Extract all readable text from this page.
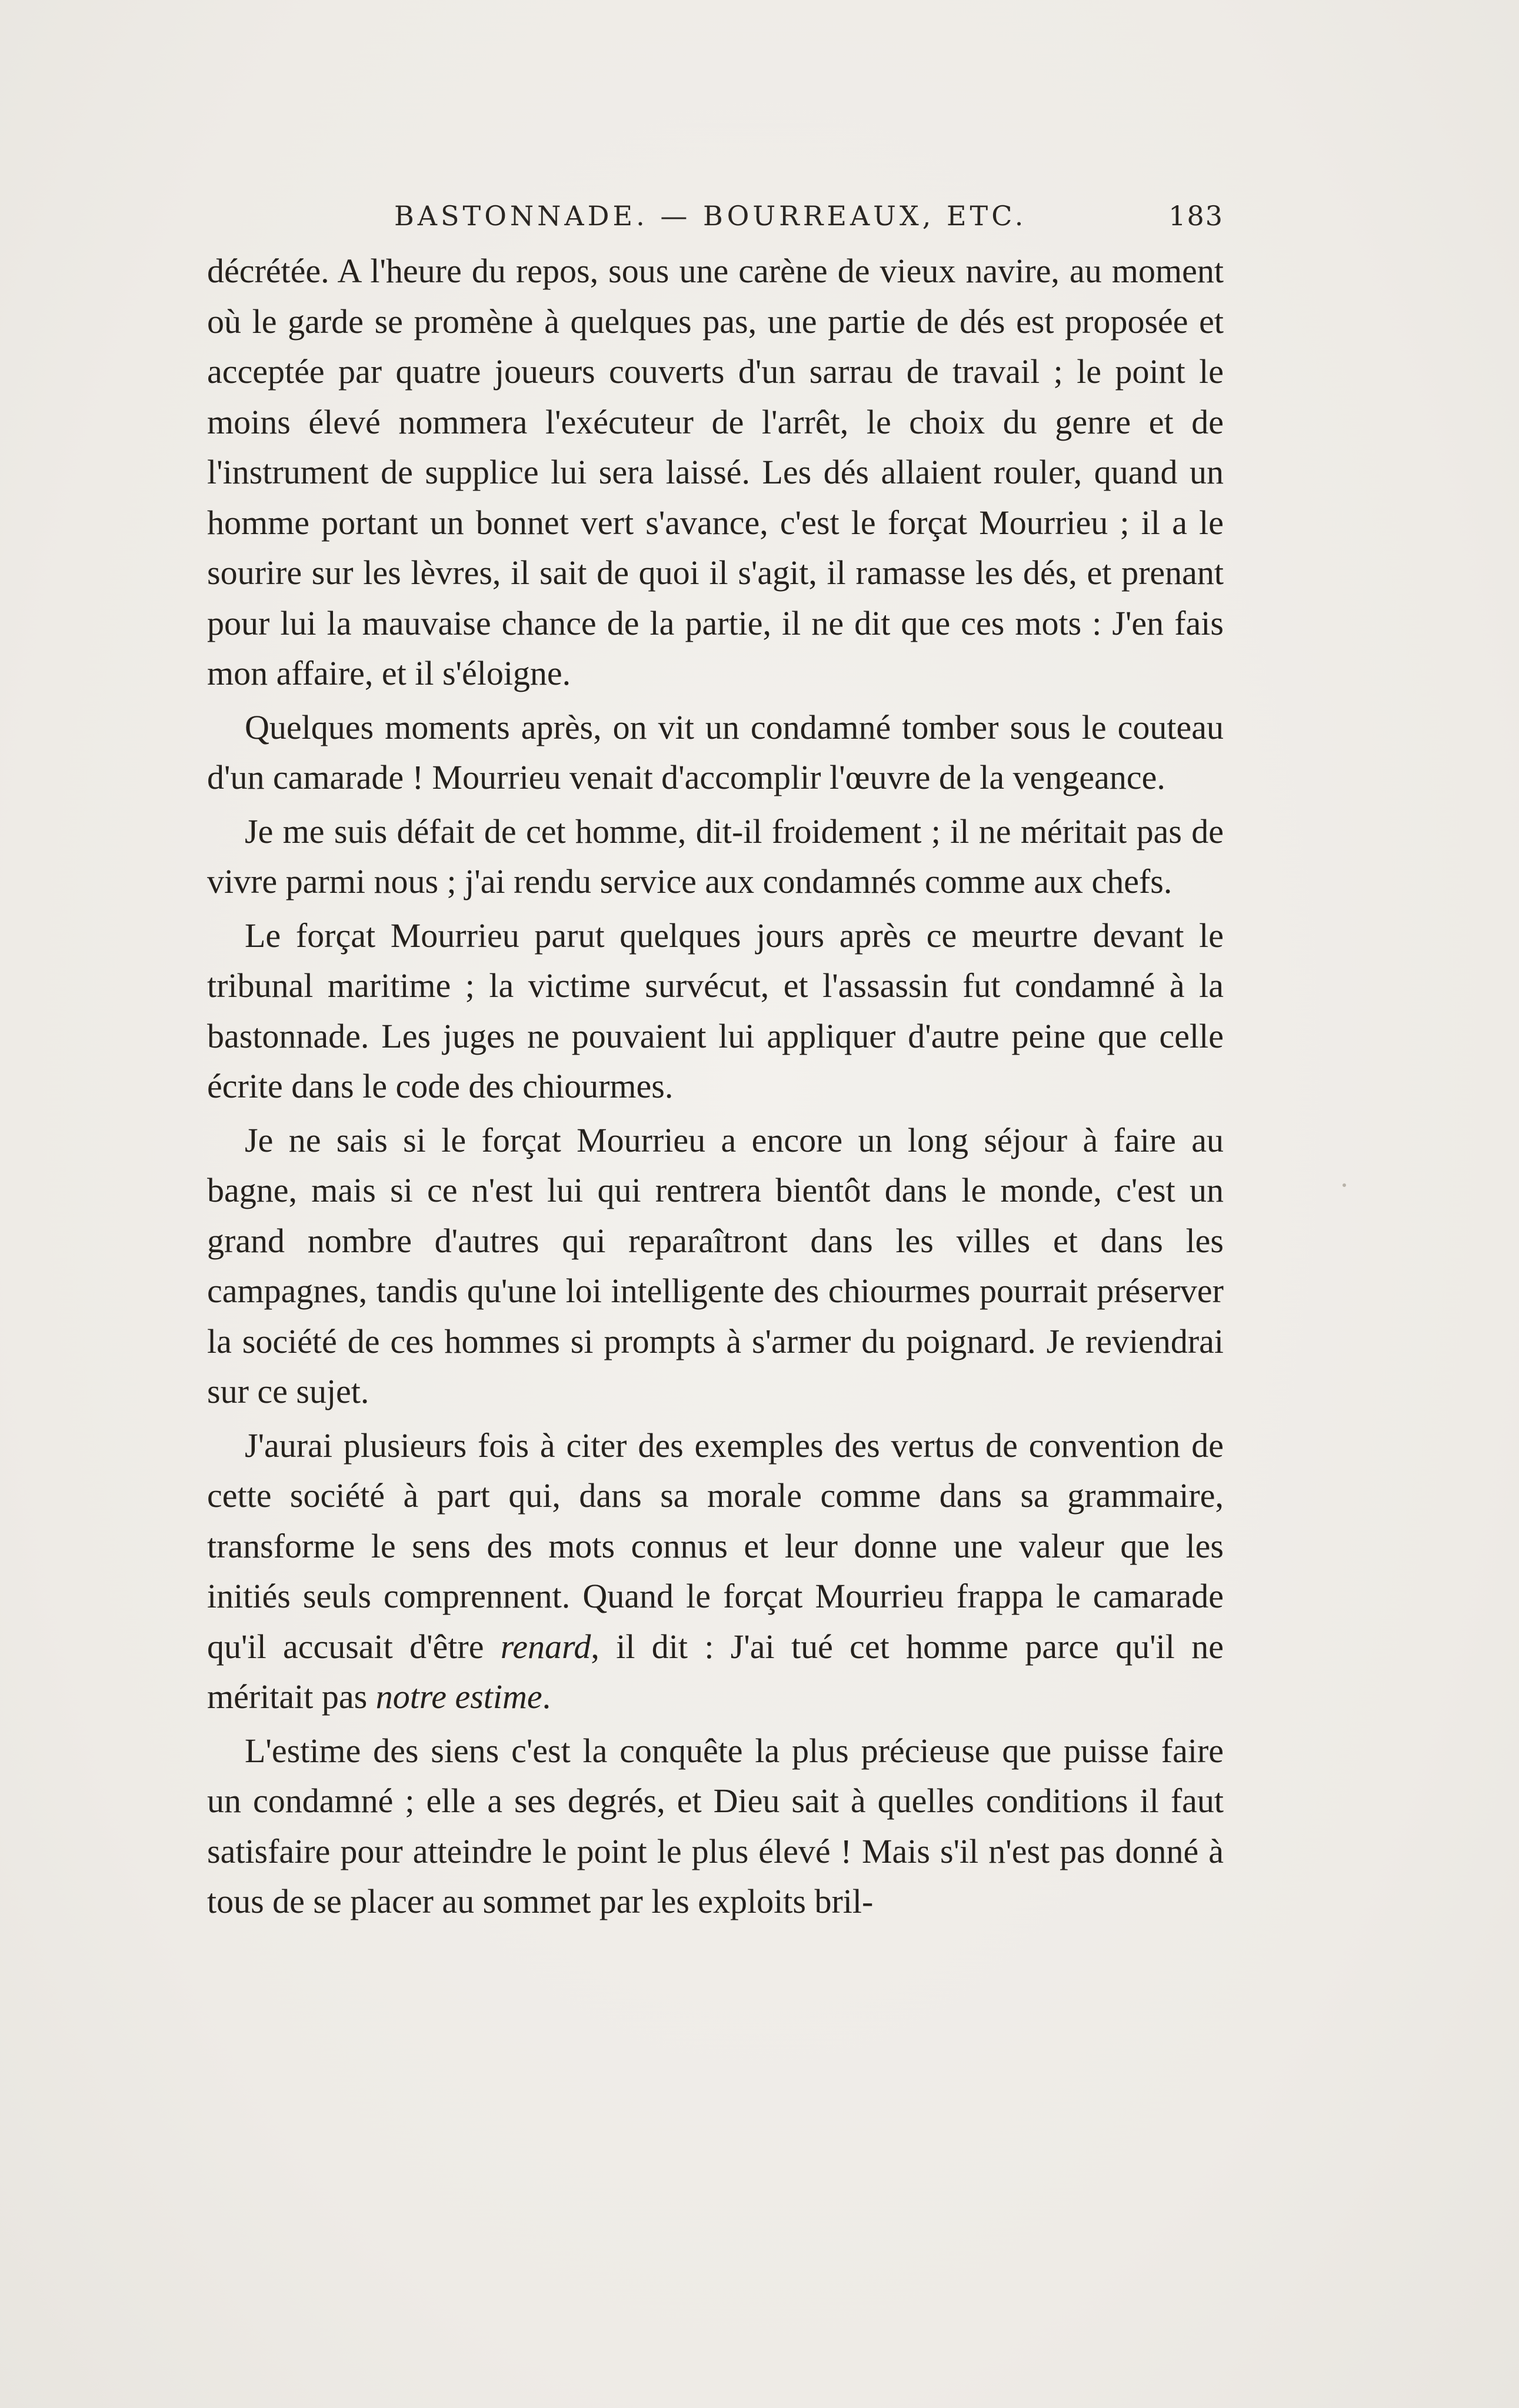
BASTONNADE. — BOURREAUX, ETC.	183

décrétée. A l'heure du repos, sous une carène de vieux navire, au moment où le garde se promène à quelques pas, une partie de dés est proposée et acceptée par quatre joueurs couverts d'un sarrau de travail ; le point le moins élevé nommera l'exécuteur de l'arrêt, le choix du genre et de l'instrument de supplice lui sera laissé. Les dés allaient rouler, quand un homme portant un bonnet vert s'avance, c'est le forçat Mourrieu ; il a le sourire sur les lèvres, il sait de quoi il s'agit, il ramasse les dés, et prenant pour lui la mauvaise chance de la partie, il ne dit que ces mots : J'en fais mon affaire, et il s'éloigne.

Quelques moments après, on vit un condamné tomber sous le couteau d'un camarade ! Mourrieu venait d'accomplir l'œuvre de la vengeance.

Je me suis défait de cet homme, dit-il froidement ; il ne méritait pas de vivre parmi nous ; j'ai rendu service aux condamnés comme aux chefs.

Le forçat Mourrieu parut quelques jours après ce meurtre devant le tribunal maritime ; la victime survécut, et l'assassin fut condamné à la bastonnade. Les juges ne pouvaient lui appliquer d'autre peine que celle écrite dans le code des chiourmes.

Je ne sais si le forçat Mourrieu a encore un long séjour à faire au bagne, mais si ce n'est lui qui rentrera bientôt dans le monde, c'est un grand nombre d'autres qui reparaîtront dans les villes et dans les campagnes, tandis qu'une loi intelligente des chiourmes pourrait préserver la société de ces hommes si prompts à s'armer du poignard. Je reviendrai sur ce sujet.

J'aurai plusieurs fois à citer des exemples des vertus de convention de cette société à part qui, dans sa morale comme dans sa grammaire, transforme le sens des mots connus et leur donne une valeur que les initiés seuls comprennent. Quand le forçat Mourrieu frappa le camarade qu'il accusait d'être renard, il dit : J'ai tué cet homme parce qu'il ne méritait pas notre estime.

L'estime des siens c'est la conquête la plus précieuse que puisse faire un condamné ; elle a ses degrés, et Dieu sait à quelles conditions il faut satisfaire pour atteindre le point le plus élevé ! Mais s'il n'est pas donné à tous de se placer au sommet par les exploits bril-
